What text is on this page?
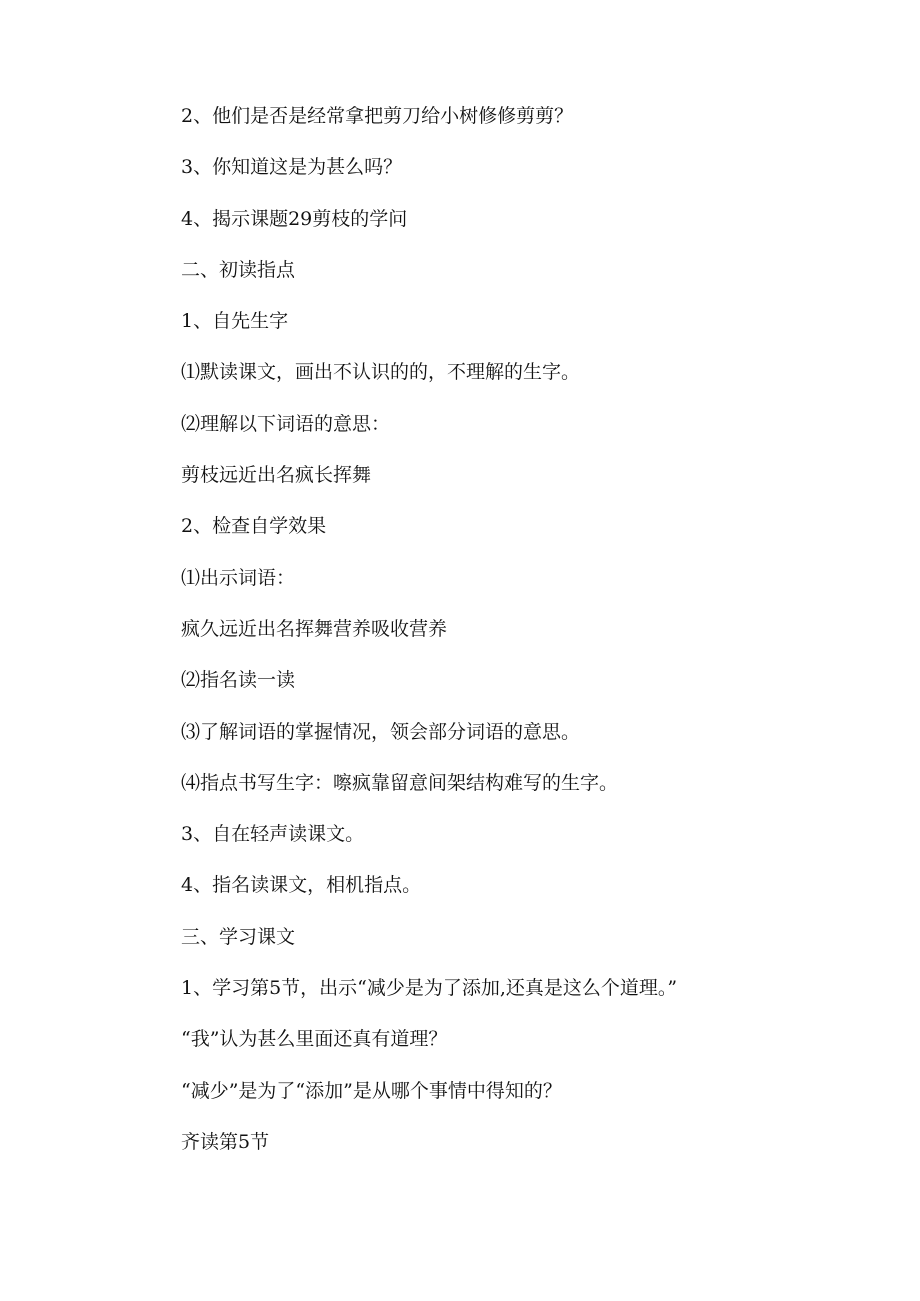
2、他们是否是经常拿把剪刀给小树修修剪剪？
3、你知道这是为甚么吗？
4、揭示课题29剪枝的学问
二、初读指点
1、自先生字
⑴默读课文，画出不认识的的，不理解的生字。
⑵理解以下词语的意思：
剪枝远近出名疯长挥舞
2、检查自学效果
⑴出示词语：
疯久远近出名挥舞营养吸收营养
⑵指名读一读
⑶了解词语的掌握情况，领会部分词语的意思。
⑷指点书写生字：嚓疯靠留意间架结构难写的生字。
3、自在轻声读课文。
4、指名读课文，相机指点。
三、学习课文
1、学习第5节，出示“减少是为了添加,还真是这么个道理。”
“我”认为甚么里面还真有道理？
“减少”是为了“添加”是从哪个事情中得知的？
齐读第5节
